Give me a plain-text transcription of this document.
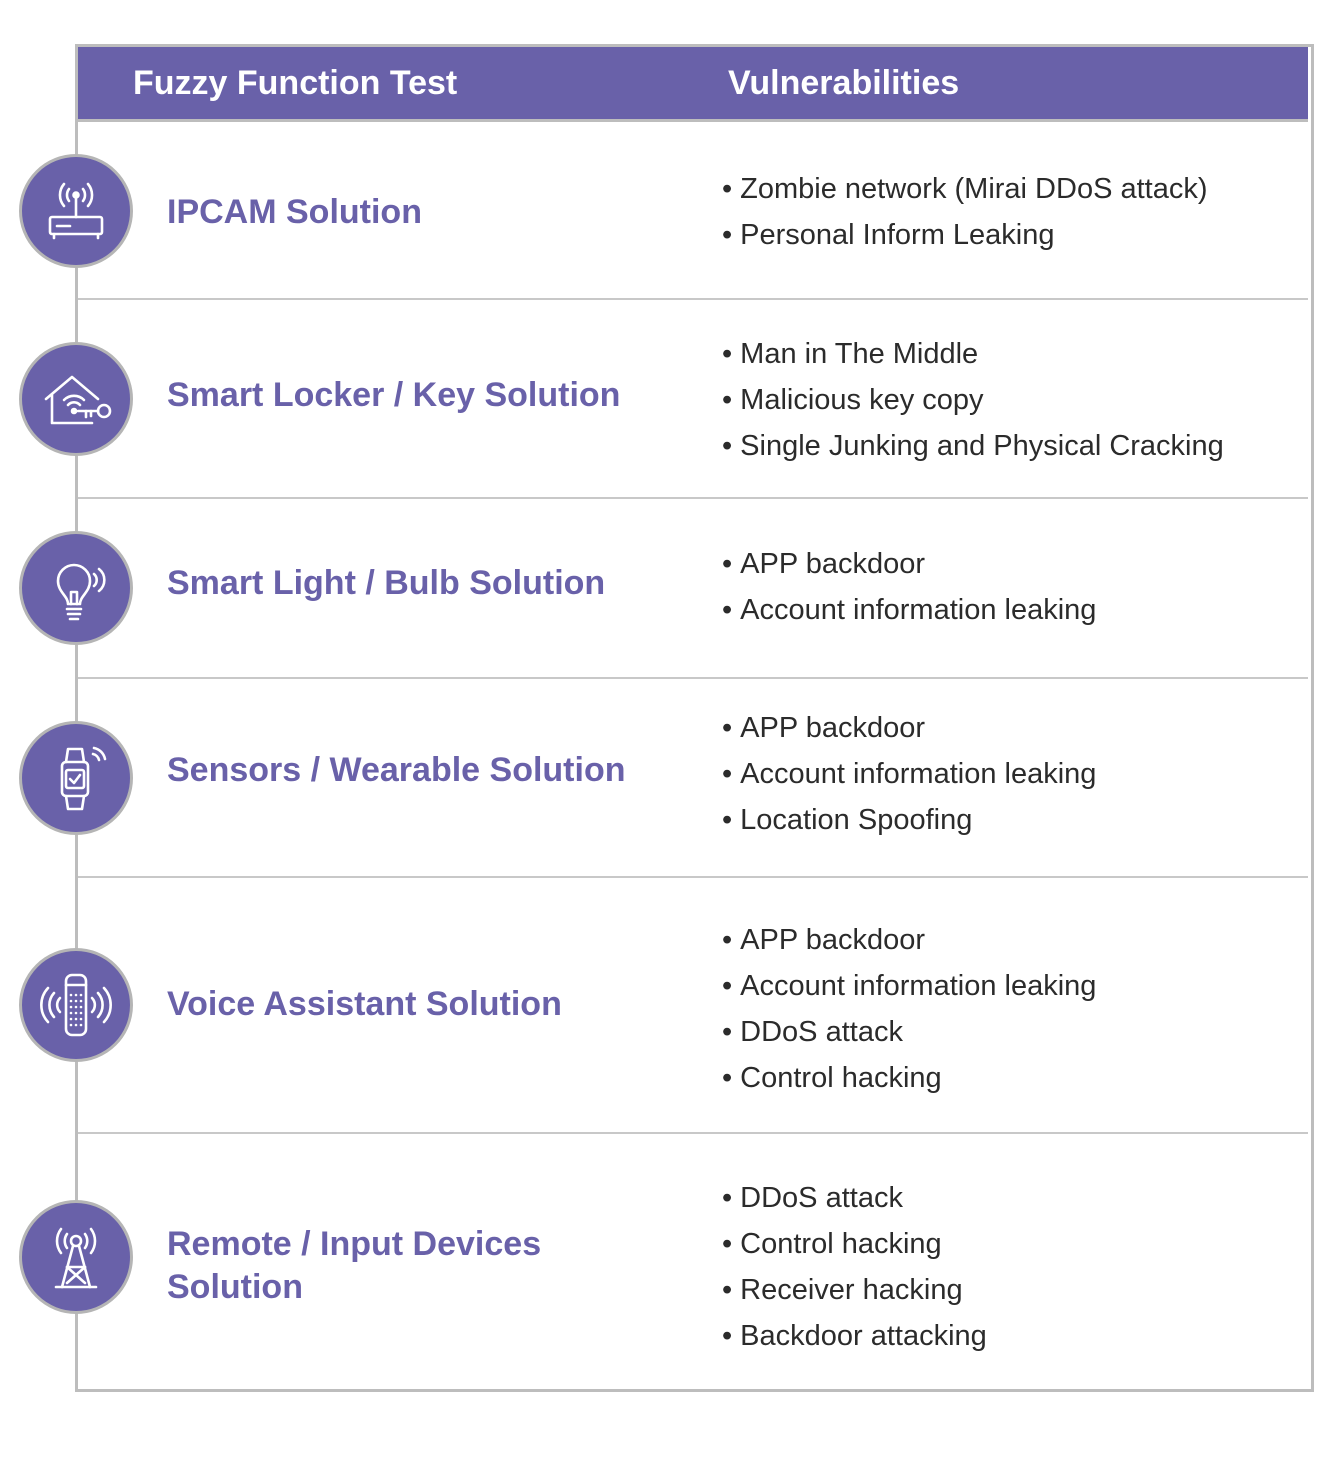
Fuzzy Function Test	Vulnerabilities
IPCAM Solution
• Zombie network (Mirai DDoS attack)
• Personal Inform Leaking
Smart Locker / Key Solution
• Man in The Middle
• Malicious key copy
• Single Junking and Physical Cracking
Smart Light / Bulb Solution
•	APP backdoor
• Account information leaking
Sensors / Wearable Solution
• APP backdoor
• Account information leaking
• Location Spoofing
Voice Assistant Solution
• APP backdoor
• Account information leaking
• DDoS attack
• Control hacking
Remote / Input Devices Solution
• DDoS attack
• Control hacking
• Receiver hacking
• Backdoor attacking
